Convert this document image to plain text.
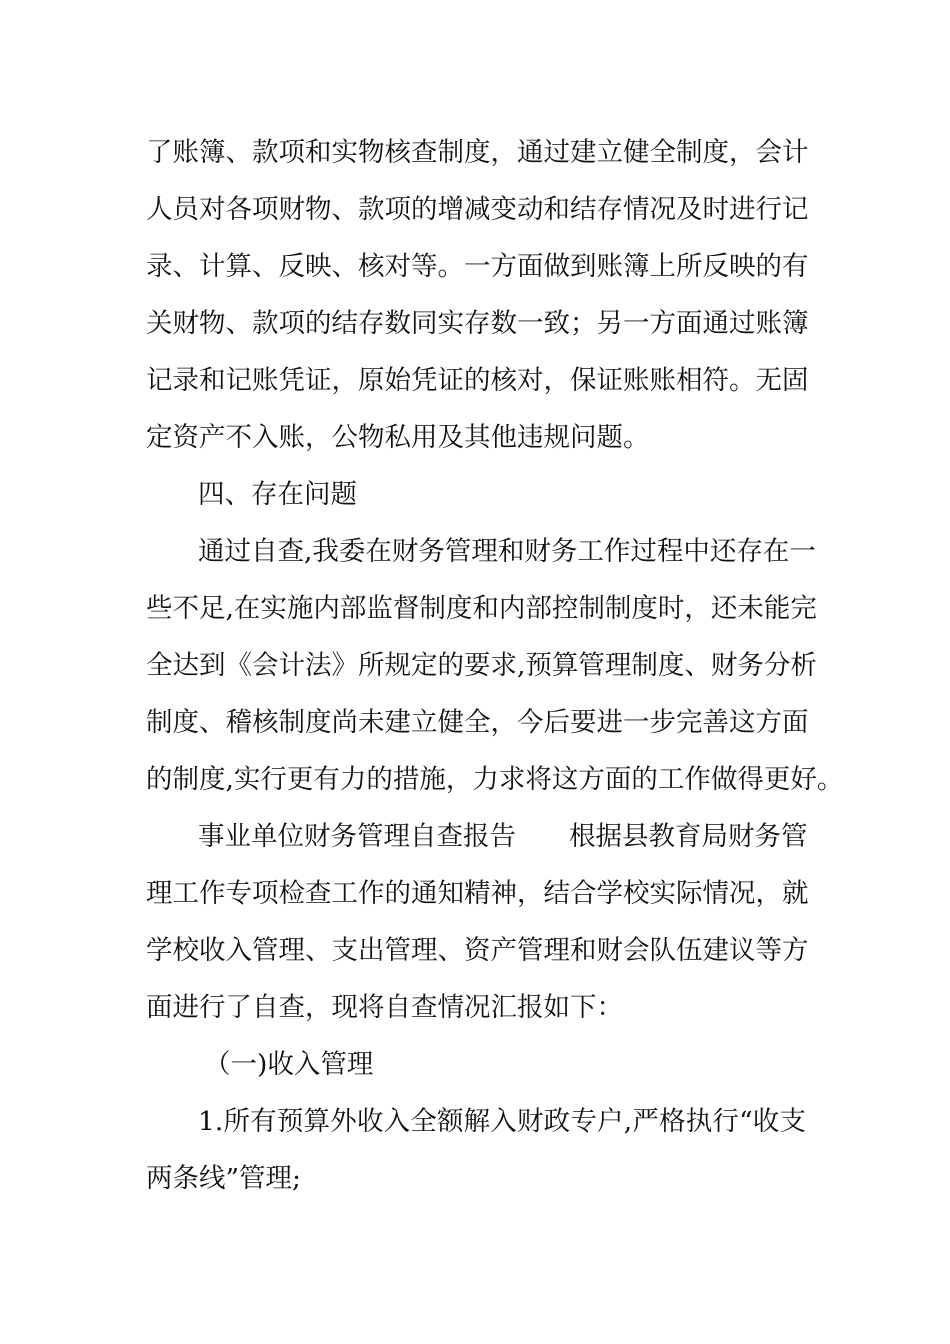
了账簿、款项和实物核查制度，通过建立健全制度，会计
人员对各项财物、款项的增减变动和结存情况及时进行记
录、计算、反映、核对等。一方面做到账簿上所反映的有
关财物、款项的结存数同实存数一致；另一方面通过账簿
记录和记账凭证，原始凭证的核对，保证账账相符。无固
定资产不入账，公物私用及其他违规问题。
四、存在问题
通过自查,我委在财务管理和财务工作过程中还存在一
些不足,在实施内部监督制度和内部控制制度时，还未能完
全达到《会计法》所规定的要求,预算管理制度、财务分析
制度、稽核制度尚未建立健全，今后要进一步完善这方面
的制度,实行更有力的措施，力求将这方面的工作做得更好。
事业单位财务管理自查报告　　根据县教育局财务管
理工作专项检查工作的通知精神，结合学校实际情况，就
学校收入管理、支出管理、资产管理和财会队伍建议等方
面进行了自查，现将自查情况汇报如下：
（一)收入管理
1.所有预算外收入全额解入财政专户,严格执行“收支
两条线”管理;
